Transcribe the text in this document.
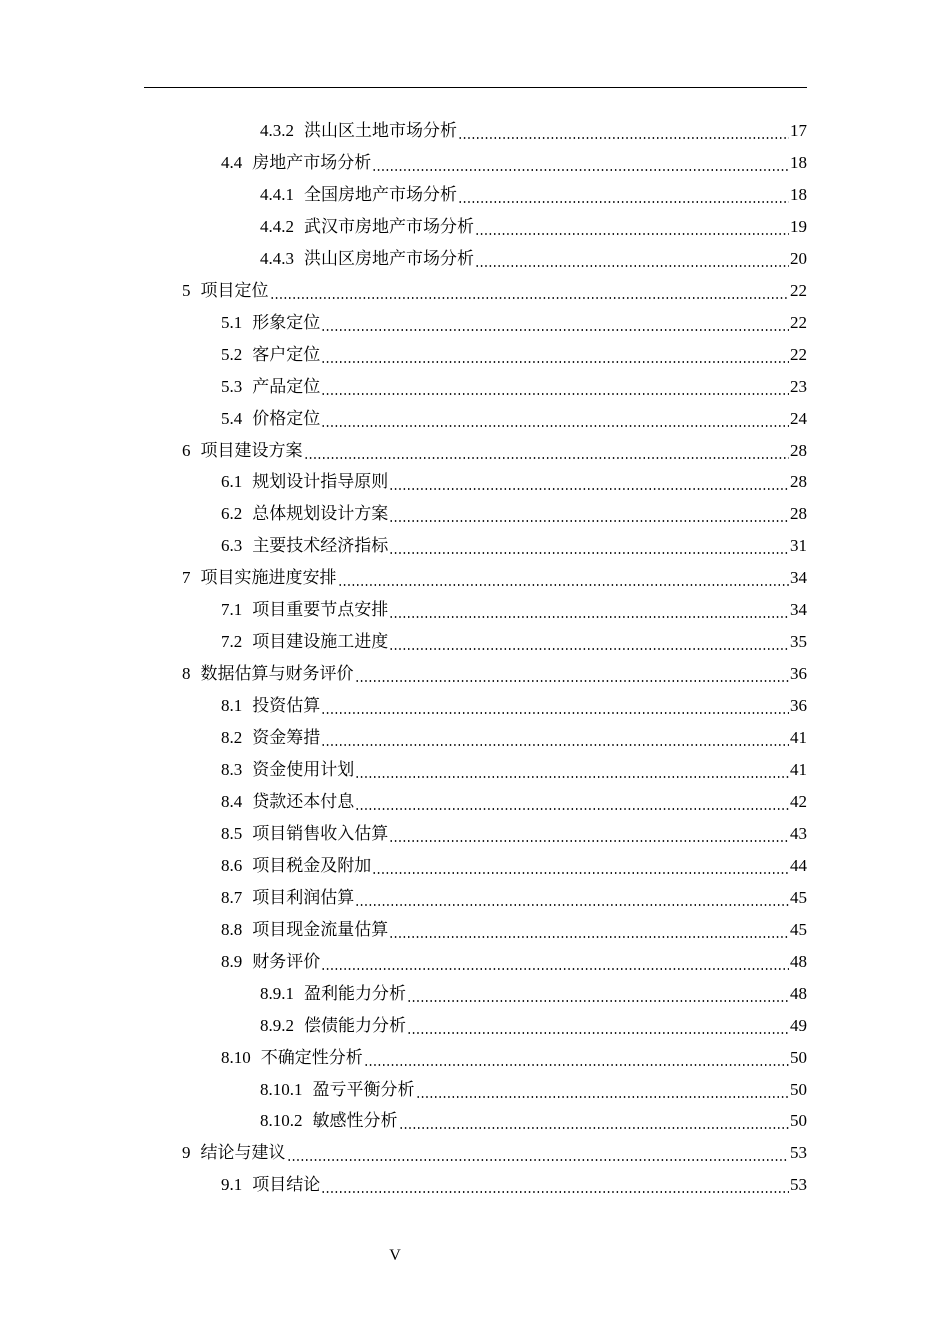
4.3.2 洪山区土地市场分析	17
4.4 房地产市场分析	18
4.4.1 全国房地产市场分析	18
4.4.2 武汉市房地产市场分析	19
4.4.3 洪山区房地产市场分析	20
5 项目定位	22
5.1 形象定位	22
5.2 客户定位	22
5.3 产品定位	23
5.4 价格定位	24
6 项目建设方案	28
6.1 规划设计指导原则	28
6.2 总体规划设计方案	28
6.3 主要技术经济指标	31
7 项目实施进度安排	34
7.1 项目重要节点安排	34
7.2 项目建设施工进度	35
8 数据估算与财务评价	36
8.1 投资估算	36
8.2 资金筹措	41
8.3 资金使用计划	41
8.4 贷款还本付息	42
8.5 项目销售收入估算	43
8.6 项目税金及附加	44
8.7 项目利润估算	45
8.8 项目现金流量估算	45
8.9 财务评价	48
8.9.1 盈利能力分析	48
8.9.2 偿债能力分析	49
8.10 不确定性分析	50
8.10.1 盈亏平衡分析	50
8.10.2 敏感性分析	50
9 结论与建议	53
9.1 项目结论	53
V
